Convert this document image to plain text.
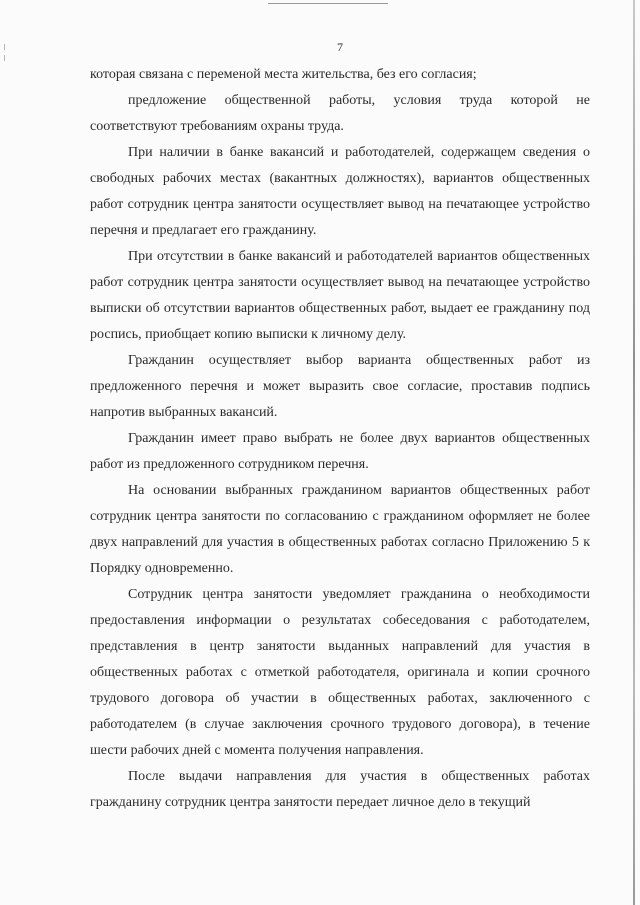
7

которая связана с переменой места жительства, без его согласия;

предложение общественной работы, условия труда которой не соответствуют требованиям охраны труда.

При наличии в банке вакансий и работодателей, содержащем сведения о свободных рабочих местах (вакантных должностях), вариантов общественных работ сотрудник центра занятости осуществляет вывод на печатающее устройство перечня и предлагает его гражданину.

При отсутствии в банке вакансий и работодателей вариантов общественных работ сотрудник центра занятости осуществляет вывод на печатающее устройство выписки об отсутствии вариантов общественных работ, выдает ее гражданину под роспись, приобщает копию выписки к личному делу.

Гражданин осуществляет выбор варианта общественных работ из предложенного перечня и может выразить свое согласие, проставив подпись напротив выбранных вакансий.

Гражданин имеет право выбрать не более двух вариантов общественных работ из предложенного сотрудником перечня.

На основании выбранных гражданином вариантов общественных работ сотрудник центра занятости по согласованию с гражданином оформляет не более двух направлений для участия в общественных работах согласно Приложению 5 к Порядку одновременно.

Сотрудник центра занятости уведомляет гражданина о необходимости предоставления информации о результатах собеседования с работодателем, представления в центр занятости выданных направлений для участия в общественных работах с отметкой работодателя, оригинала и копии срочного трудового договора об участии в общественных работах, заключенного с работодателем (в случае заключения срочного трудового договора), в течение шести рабочих дней с момента получения направления.

После выдачи направления для участия в общественных работах гражданину сотрудник центра занятости передает личное дело в текущий
